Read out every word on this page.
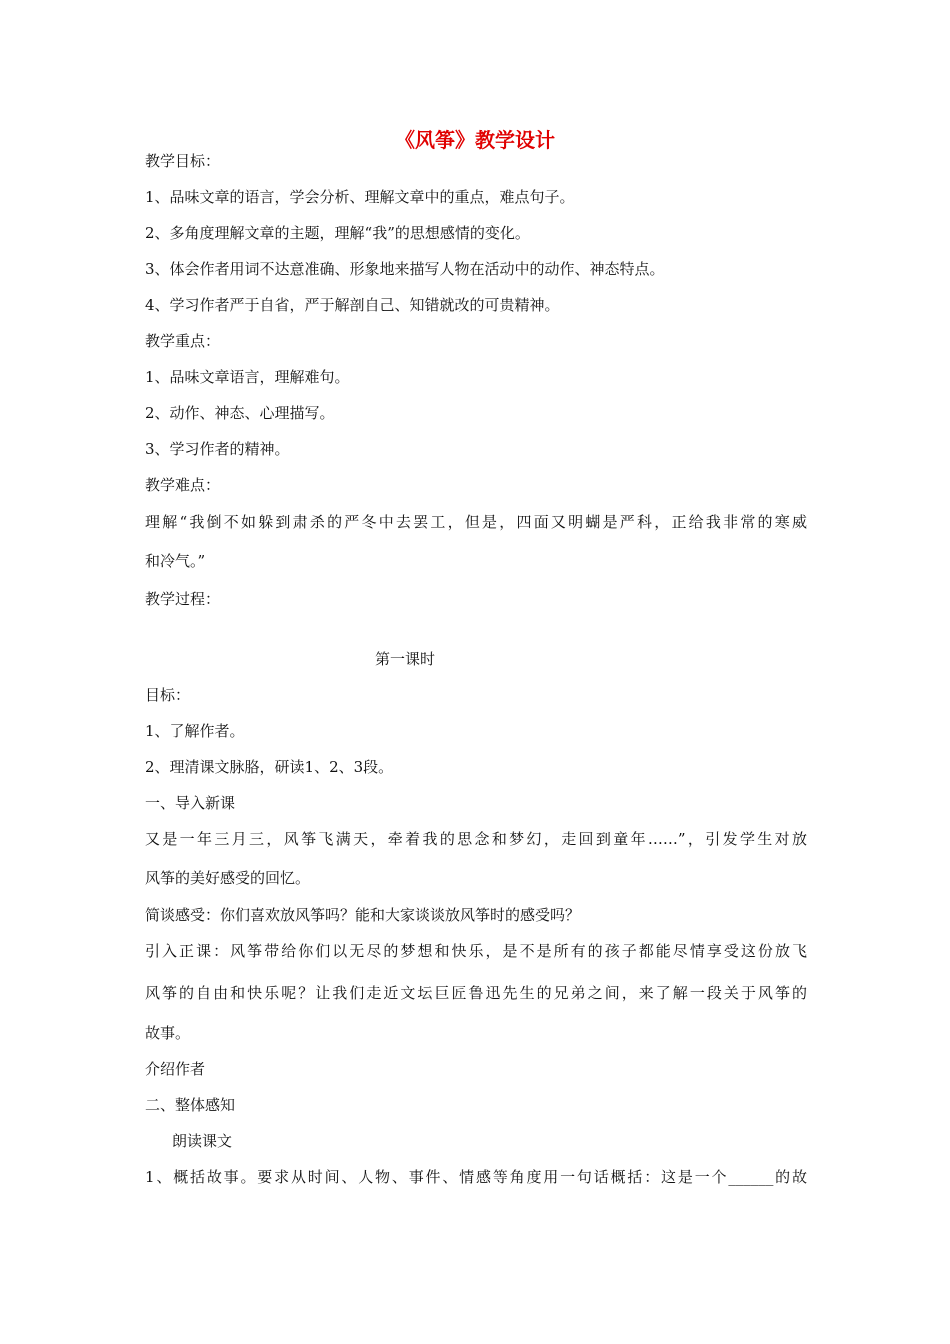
《风筝》教学设计
教学目标：
1、品味文章的语言，学会分析、理解文章中的重点，难点句子。
2、多角度理解文章的主题，理解“我”的思想感情的变化。
3、体会作者用词不达意准确、形象地来描写人物在活动中的动作、神态特点。
4、学习作者严于自省，严于解剖自己、知错就改的可贵精神。
教学重点：
1、品味文章语言，理解难句。
2、动作、神态、心理描写。
3、学习作者的精神。
教学难点：
理解“我倒不如躲到肃杀的严冬中去罢工，但是，四面又明蝴是严科，正给我非常的寒威
和冷气。”
教学过程：
第一课时
目标：
1、了解作者。
2、理清课文脉胳，研读1、2、3段。
一、导入新课
又是一年三月三，风筝飞满天，牵着我的思念和梦幻，走回到童年……”，引发学生对放
风筝的美好感受的回忆。
简谈感受：你们喜欢放风筝吗？能和大家谈谈放风筝时的感受吗？
引入正课：风筝带给你们以无尽的梦想和快乐，是不是所有的孩子都能尽情享受这份放飞
风筝的自由和快乐呢？让我们走近文坛巨匠鲁迅先生的兄弟之间，来了解一段关于风筝的
故事。
介绍作者
二、整体感知
朗读课文
1、概括故事。要求从时间、人物、事件、情感等角度用一句话概括：这是一个______的故
